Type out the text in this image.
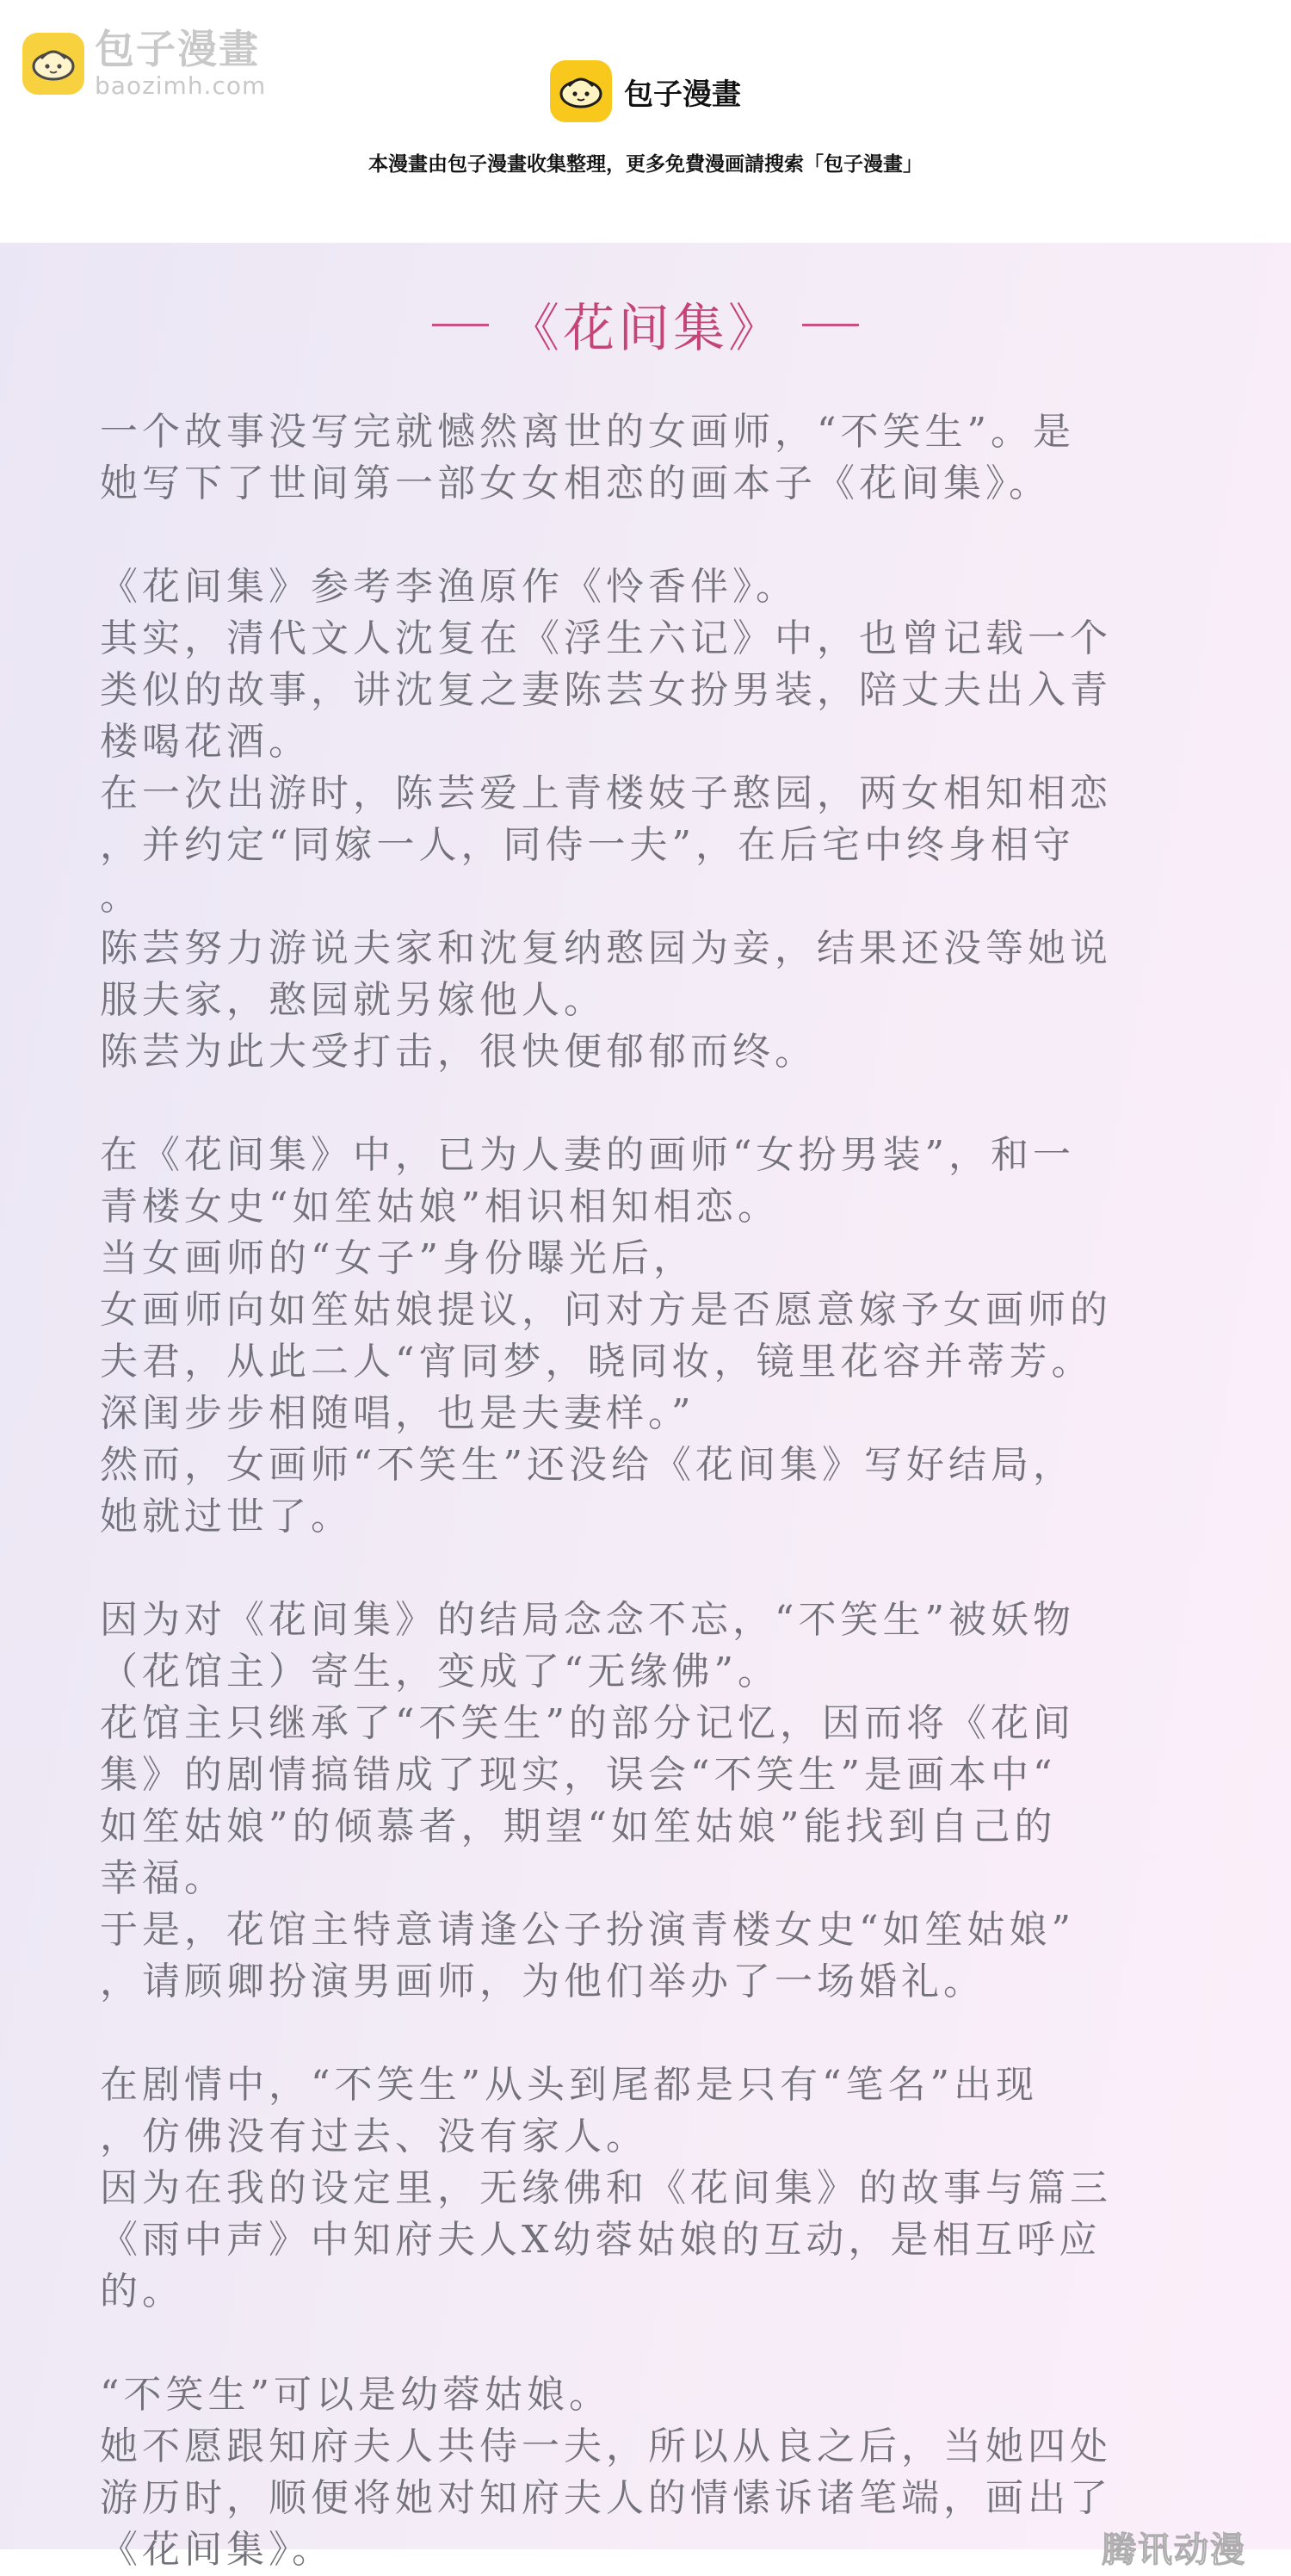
包子漫畫
baozimh.com	包子漫畫
本漫畫由包子漫畫收集整理，更多免費漫画請搜索「包子漫畫」
《花间集》
一个故事没写完就憾然离世的女画师，“不笑生”。是
她写下了世间第一部女女相恋的画本子《花间集》。
《花间集》参考李渔原作《怜香伴》。
其实，清代文人沈复在《浮生六记》中，也曾记载一个
类似的故事，讲沈复之妻陈芸女扮男装，陪丈夫出入青
楼喝花酒。
在一次出游时，陈芸爱上青楼妓子憨园，两女相知相恋
，并约定“同嫁一人，同侍一夫”，在后宅中终身相守
。
陈芸努力游说夫家和沈复纳憨园为妾，结果还没等她说
服夫家，憨园就另嫁他人。
陈芸为此大受打击，很快便郁郁而终。
在《花间集》中，已为人妻的画师“女扮男装”，和一
青楼女史“如笙姑娘”相识相知相恋。
当女画师的“女子”身份曝光后，
女画师向如笙姑娘提议，问对方是否愿意嫁予女画师的
夫君，从此二人“宵同梦，晓同妆，镜里花容并蒂芳。
深闺步步相随唱，也是夫妻样。”
然而，女画师“不笑生”还没给《花间集》写好结局，
她就过世了。
因为对《花间集》的结局念念不忘，“不笑生”被妖物
（花馆主）寄生，变成了“无缘佛”。
花馆主只继承了“不笑生”的部分记忆，因而将《花间
集》的剧情搞错成了现实，误会“不笑生”是画本中“
如笙姑娘”的倾慕者，期望“如笙姑娘”能找到自己的
幸福。
于是，花馆主特意请逢公子扮演青楼女史“如笙姑娘”
，请顾卿扮演男画师，为他们举办了一场婚礼。
在剧情中，“不笑生”从头到尾都是只有“笔名”出现
，仿佛没有过去、没有家人。
因为在我的设定里，无缘佛和《花间集》的故事与篇三
《雨中声》中知府夫人X幼蓉姑娘的互动，是相互呼应
的。
“不笑生”可以是幼蓉姑娘。
她不愿跟知府夫人共侍一夫，所以从良之后，当她四处
游历时，顺便将她对知府夫人的情愫诉诸笔端，画出了
《花间集》。	腾讯动漫
